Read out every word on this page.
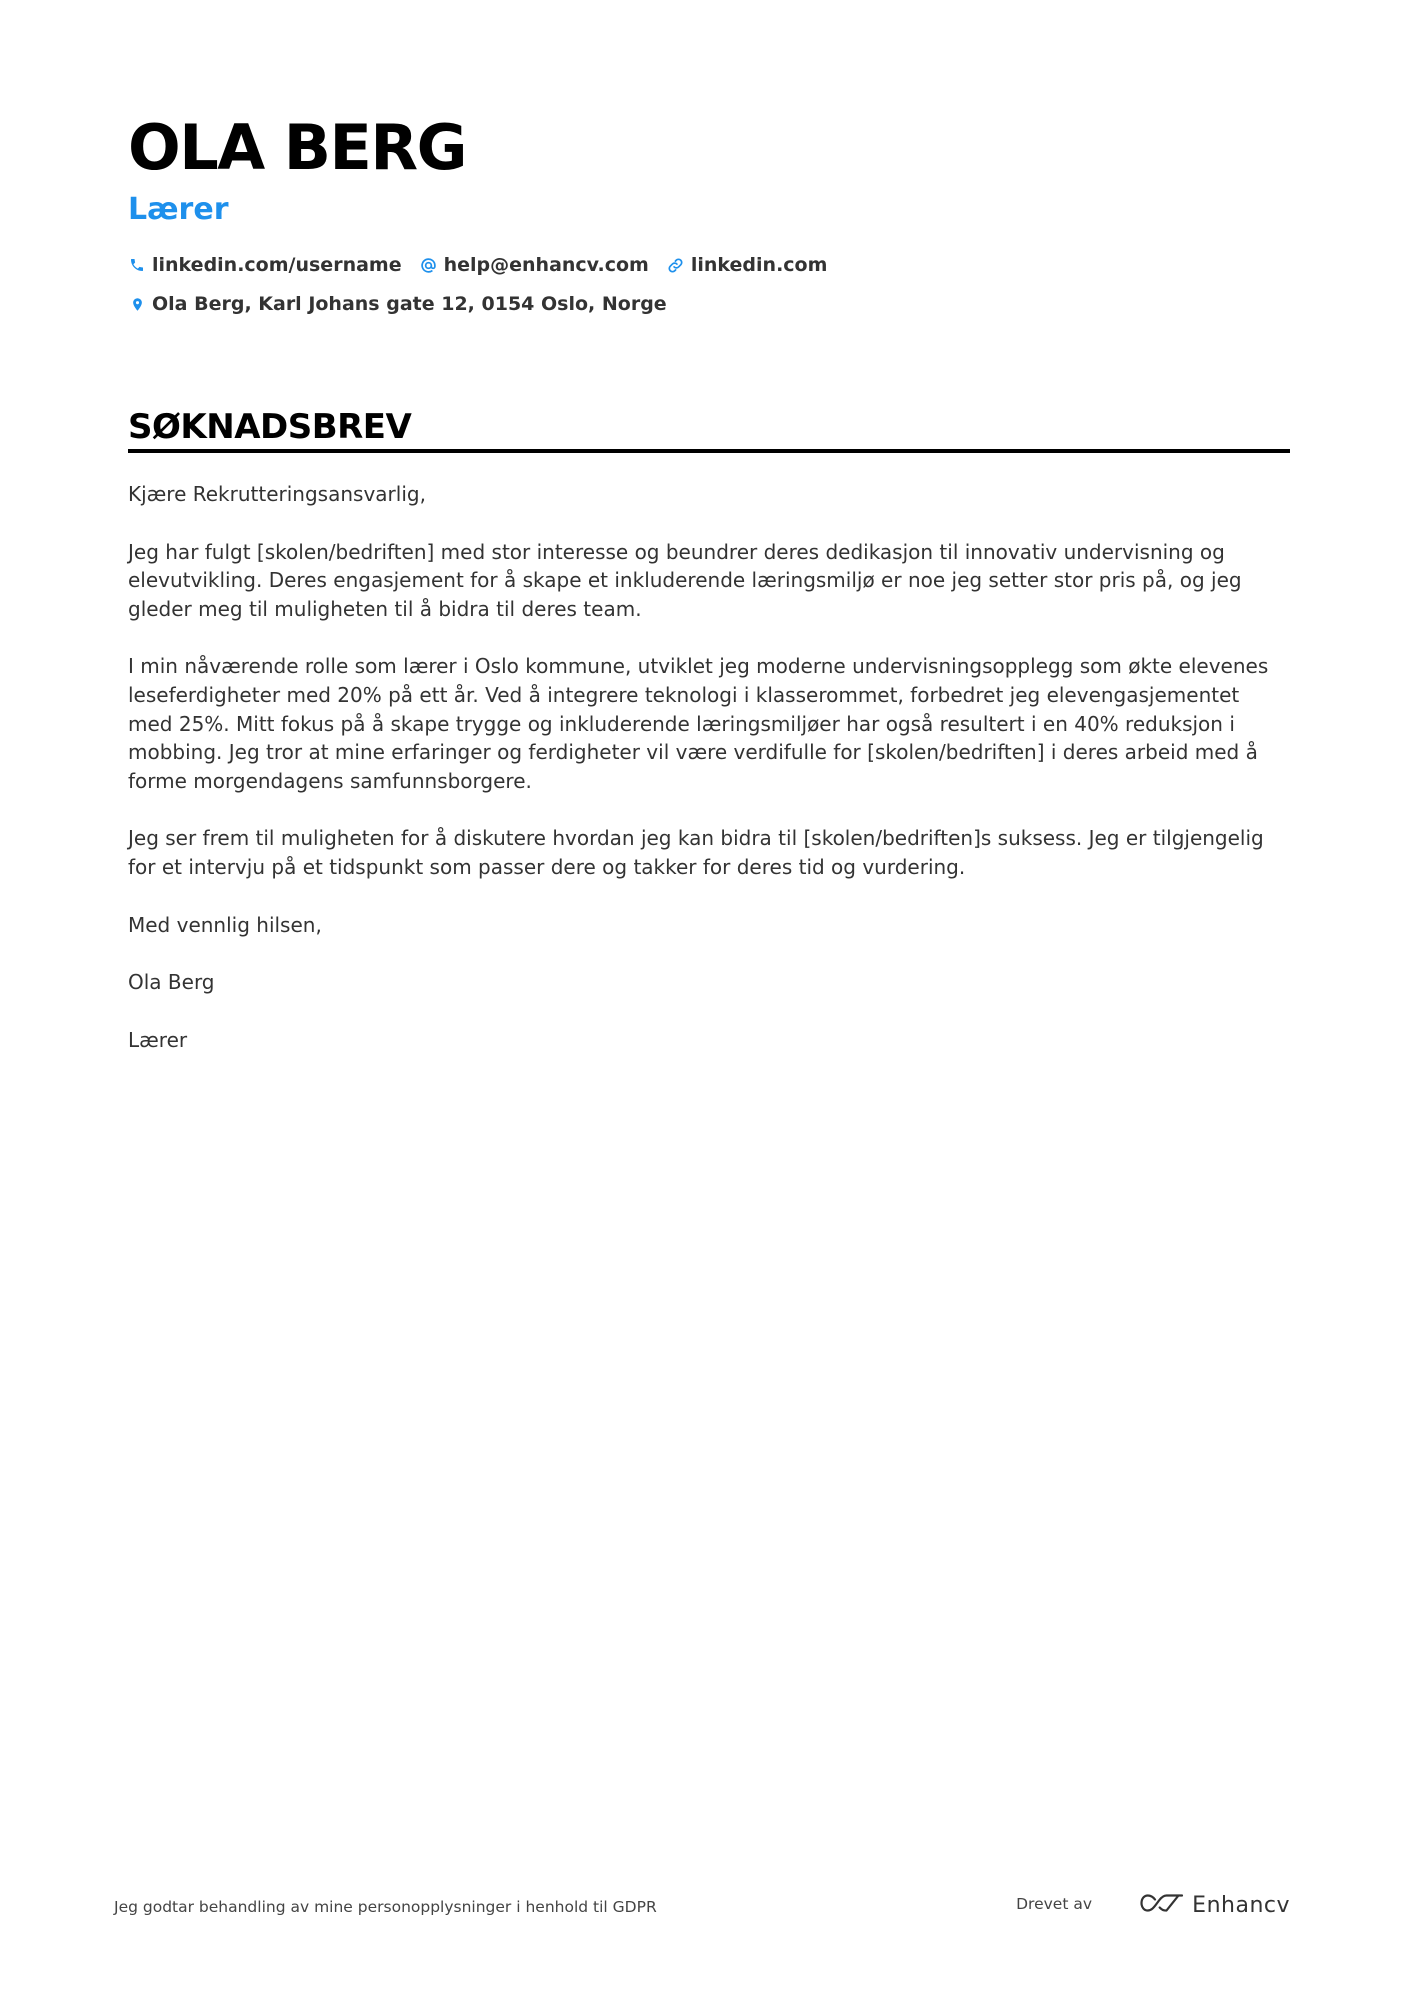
OLA BERG
Lærer
linkedin.com/username help@enhancv.com linkedin.com
Ola Berg, Karl Johans gate 12, 0154 Oslo, Norge
SØKNADSBREV

Kjære Rekrutteringsansvarlig,

Jeg har fulgt [skolen/bedriften] med stor interesse og beundrer deres dedikasjon til innovativ undervisning og elevutvikling. Deres engasjement for å skape et inkluderende læringsmiljø er noe jeg setter stor pris på, og jeg gleder meg til muligheten til å bidra til deres team.

I min nåværende rolle som lærer i Oslo kommune, utviklet jeg moderne undervisningsopplegg som økte elevenes leseferdigheter med 20% på ett år. Ved å integrere teknologi i klasserommet, forbedret jeg elevengasjementet med 25%. Mitt fokus på å skape trygge og inkluderende læringsmiljøer har også resultert i en 40% reduksjon i mobbing. Jeg tror at mine erfaringer og ferdigheter vil være verdifulle for [skolen/bedriften] i deres arbeid med å forme morgendagens samfunnsborgere.

Jeg ser frem til muligheten for å diskutere hvordan jeg kan bidra til [skolen/bedriften]s suksess. Jeg er tilgjengelig for et intervju på et tidspunkt som passer dere og takker for deres tid og vurdering.

Med vennlig hilsen,

Ola Berg

Lærer

Jeg godtar behandling av mine personopplysninger i henhold til GDPR	Drevet av	Enhancv
